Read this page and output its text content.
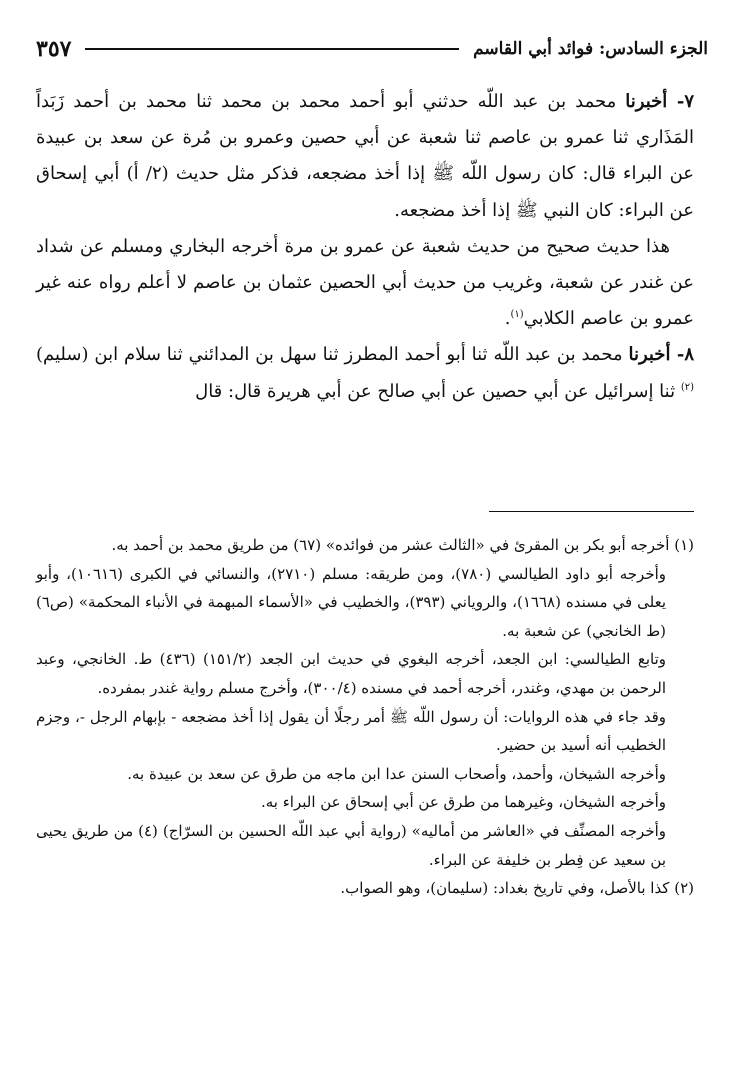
الجزء السادس: فوائد أبي القاسم
٣٥٧

٧- أخبرنا محمد بن عبد اللّه حدثني أبو أحمد محمد بن محمد ثنا محمد بن أحمد زَبَداً المَذَاري ثنا عمرو بن عاصم ثنا شعبة عن أبي حصين وعمرو بن مُرة عن سعد بن عبيدة عن البراء قال: كان رسول اللّه ﷺ إذا أخذ مضجعه، فذكر مثل حديث (٢/ أ) أبي إسحاق عن البراء: كان النبي ﷺ إذا أخذ مضجعه.

هذا حديث صحيح من حديث شعبة عن عمرو بن مرة أخرجه البخاري ومسلم عن شداد عن غندر عن شعبة، وغريب من حديث أبي الحصين عثمان بن عاصم لا أعلم رواه عنه غير عمرو بن عاصم الكلابي$^{(١)}$.

٨- أخبرنا محمد بن عبد اللّه ثنا أبو أحمد المطرز ثنا سهل بن المدائني ثنا سلام ابن (سليم)$^{(٢)}$ ثنا إسرائيل عن أبي حصين عن أبي صالح عن أبي هريرة قال: قال

(١) أخرجه أبو بكر بن المقرئ في «الثالث عشر من فوائده» (٦٧) من طريق محمد بن أحمد به.

وأخرجه أبو داود الطيالسي (٧٨٠)، ومن طريقه: مسلم (٢٧١٠)، والنسائي في الكبرى (١٠٦١٦)، وأبو يعلى في مسنده (١٦٦٨)، والروياني (٣٩٣)، والخطيب في «الأسماء المبهمة في الأنباء المحكمة» (ص٦) (ط الخانجي) عن شعبة به.

وتابع الطيالسي: ابن الجعد، أخرجه البغوي في حديث ابن الجعد (١٥١/٢) (٤٣٦) ط. الخانجي، وعبد الرحمن بن مهدي، وغندر، أخرجه أحمد في مسنده (٣٠٠/٤)، وأخرج مسلم رواية غندر بمفرده.

وقد جاء في هذه الروايات: أن رسول اللّه ﷺ أمر رجلًا أن يقول إذا أخذ مضجعه - بإبهام الرجل -، وجزم الخطيب أنه أسيد بن حضير.

وأخرجه الشيخان، وأحمد، وأصحاب السنن عدا ابن ماجه من طرق عن سعد بن عبيدة به.

وأخرجه الشيخان، وغيرهما من طرق عن أبي إسحاق عن البراء به.

وأخرجه المصنِّف في «العاشر من أماليه» (رواية أبي عبد اللّه الحسين بن السرّاج) (٤) من طريق يحيى بن سعيد عن فِطر بن خليفة عن البراء.

(٢) كذا بالأصل، وفي تاريخ بغداد: (سليمان)، وهو الصواب.
